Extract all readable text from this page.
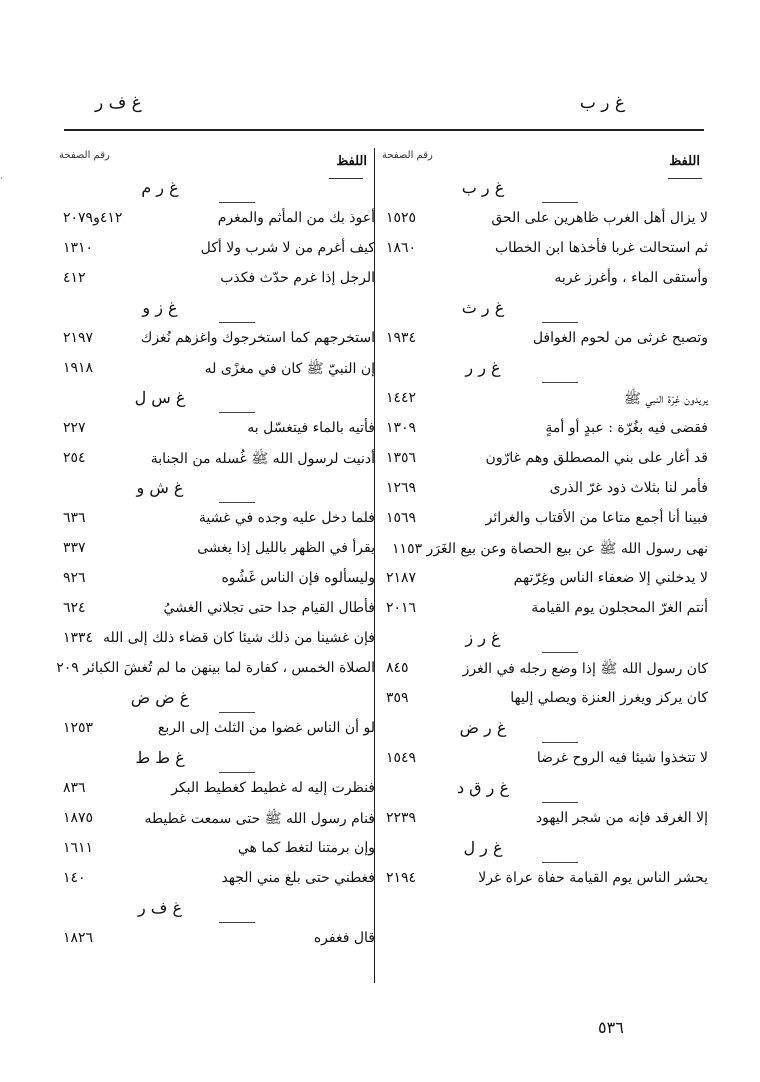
غ ر ب
غ ف ر
·
اللفظ
رقم الصفحة
غ ر ب
لا يزال أهل الغرب ظاهرين على الحق
١٥٢٥
ثم استحالت غربا فأخذها ابن الخطاب
١٨٦٠
وأستقى الماء ، وأغرز غربه
غ ر ث
وتصبح غرثى من لحوم الغوافل
١٩٣٤
غ ر ر
يريدون غِرّة النبي ﷺ
١٤٤٢
فقضى فيه بغُرّة : عبدٍ أو أمةٍ
١٣٠٩
قد أغار على بني المصطلق وهم غارّون
١٣٥٦
فأمر لنا بثلاث ذود غرّ الذرى
١٢٦٩
فبينا أنا أجمع متاعا من الأقتاب والغرائر
١٥٦٩
نهى رسول الله ﷺ عن بيع الحصاة وعن بيع الغَرَر ١١٥٣
لا يدخلني إلا ضعفاء الناس وغِرّتهم
٢١٨٧
أنتم الغرّ المحجلون يوم القيامة
٢٠١٦
غ ر ز
كان رسول الله ﷺ إذا وضع رجله في الغرز
٨٤٥
كان يركز ويغرز العنزة ويصلي إليها
٣٥٩
غ ر ض
لا تتخذوا شيئا فيه الروح غرضا
١٥٤٩
غ ر ق د
إلا الغرقد فإنه من شجر اليهود
٢٢٣٩
غ ر ل
يحشر الناس يوم القيامة حفاة عراة غرلا
٢١٩٤
اللفظ
رقم الصفحة
غ ر م
أعوذ بك من المأثم والمغرم
٤١٢و٢٠٧٩
كيف أغرم من لا شرب ولا أكل
١٣١٠
الرجل إذا غرم حدّث فكذب
٤١٢
غ ز و
استخرجهم كما استخرجوك واغزهم نُغزك
٢١٩٧
إن النبيّ ﷺ كان في مغزًى له
١٩١٨
غ س ل
فأتيه بالماء فيتغسّل به
٢٢٧
أدنيت لرسول الله ﷺ غُسله من الجنابة
٢٥٤
غ ش و
فلما دخل عليه وجده في غشية
٦٣٦
يقرأ في الظهر بالليل إذا يغشى
٣٣٧
وليسألوه فإن الناس غَشُوه
٩٢٦
فأطال القيام جدا حتى تجلاني الغشيُ
٦٢٤
فإن غشينا من ذلك شيئا كان قضاء ذلك إلى الله
١٣٣٤
الصلاة الخمس ، كفارة لما بينهن ما لم تُغشَ الكبائر ٢٠٩
غ ض ض
لو أن الناس غضوا من الثلث إلى الربع
١٢٥٣
غ ط ط
فنظرت إليه له غطيط كغطيط البكر
٨٣٦
فنام رسول الله ﷺ حتى سمعت غطيطه
١٨٧٥
وإن برمتنا لتغط كما هي
١٦١١
فغطني حتى بلغ مني الجهد
١٤٠
غ ف ر
قال فغفره
١٨٢٦
٥٣٦
